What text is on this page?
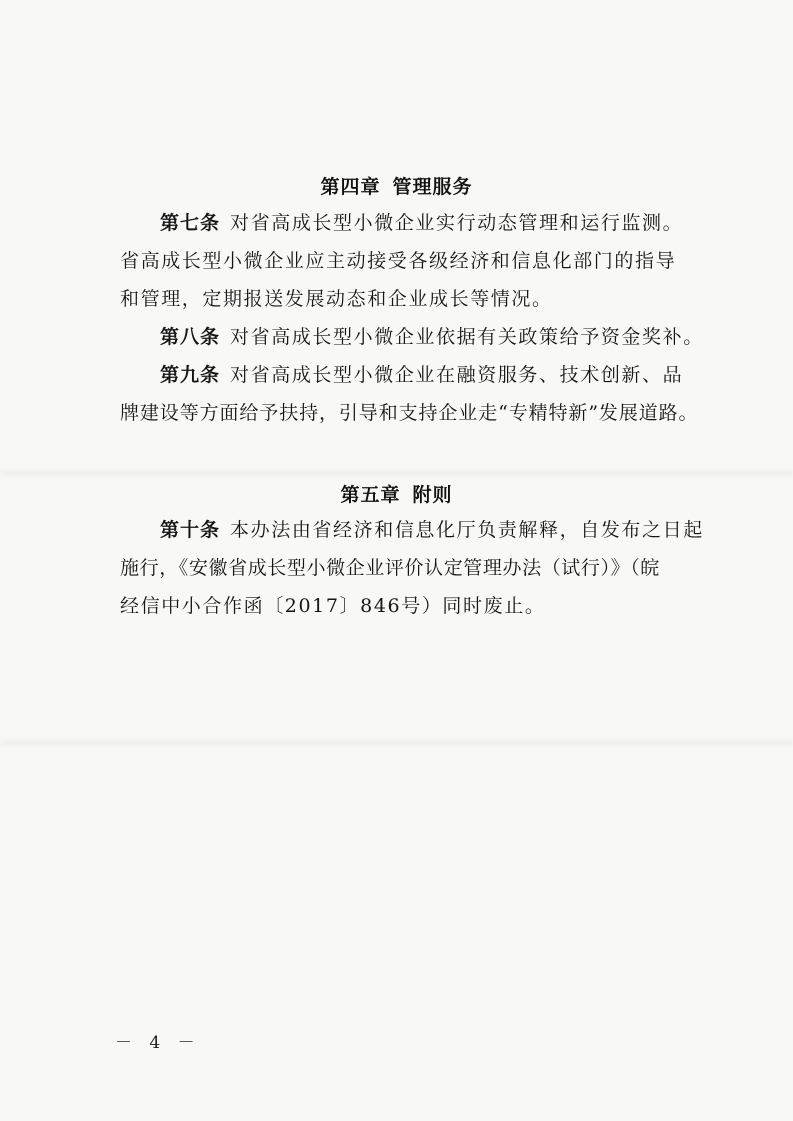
第四章 管理服务
第七条 对省高成长型小微企业实行动态管理和运行监测。
省高成长型小微企业应主动接受各级经济和信息化部门的指导
和管理，定期报送发展动态和企业成长等情况。
第八条 对省高成长型小微企业依据有关政策给予资金奖补。
第九条 对省高成长型小微企业在融资服务、技术创新、品
牌建设等方面给予扶持，引导和支持企业走“专精特新”发展道路。
第五章 附则
第十条 本办法由省经济和信息化厅负责解释，自发布之日起
施行，《安徽省成长型小微企业评价认定管理办法（试行）》（皖
经信中小合作函〔2017〕846号）同时废止。
－ 4 －
